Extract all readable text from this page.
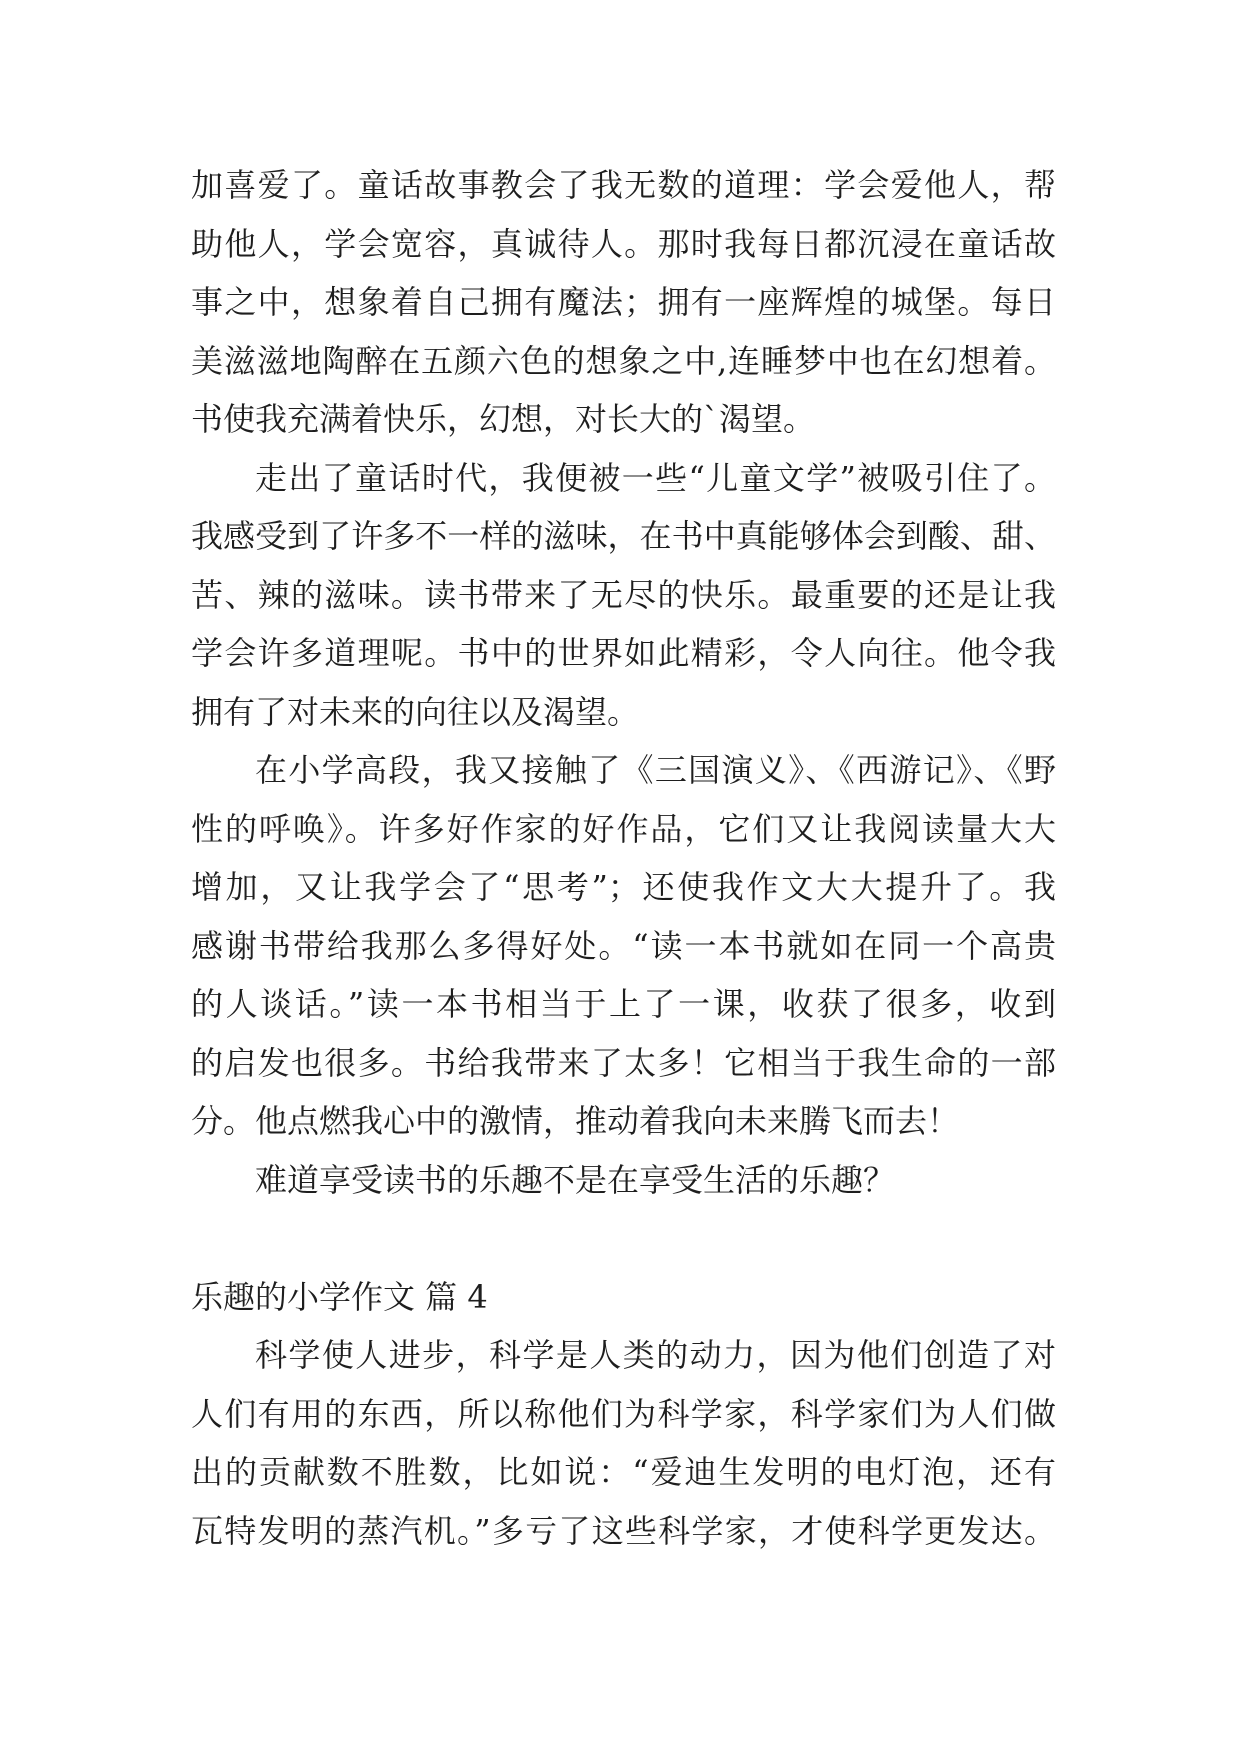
加喜爱了。童话故事教会了我无数的道理：学会爱他人，帮
助他人，学会宽容，真诚待人。那时我每日都沉浸在童话故
事之中，想象着自己拥有魔法；拥有一座辉煌的城堡。每日
美滋滋地陶醉在五颜六色的想象之中,连睡梦中也在幻想着。
书使我充满着快乐，幻想，对长大的`渴望。
走出了童话时代，我便被一些“儿童文学”被吸引住了。
我感受到了许多不一样的滋味，在书中真能够体会到酸、甜、
苦、辣的滋味。读书带来了无尽的快乐。最重要的还是让我
学会许多道理呢。书中的世界如此精彩，令人向往。他令我
拥有了对未来的向往以及渴望。
在小学高段，我又接触了《三国演义》、《西游记》、《野
性的呼唤》。许多好作家的好作品，它们又让我阅读量大大
增加，又让我学会了“思考”；还使我作文大大提升了。我
感谢书带给我那么多得好处。“读一本书就如在同一个高贵
的人谈话。”读一本书相当于上了一课，收获了很多，收到
的启发也很多。书给我带来了太多！它相当于我生命的一部
分。他点燃我心中的激情，推动着我向未来腾飞而去！
难道享受读书的乐趣不是在享受生活的乐趣？
乐趣的小学作文 篇 4
科学使人进步，科学是人类的动力，因为他们创造了对
人们有用的东西，所以称他们为科学家，科学家们为人们做
出的贡献数不胜数，比如说：“爱迪生发明的电灯泡，还有
瓦特发明的蒸汽机。”多亏了这些科学家，才使科学更发达。
